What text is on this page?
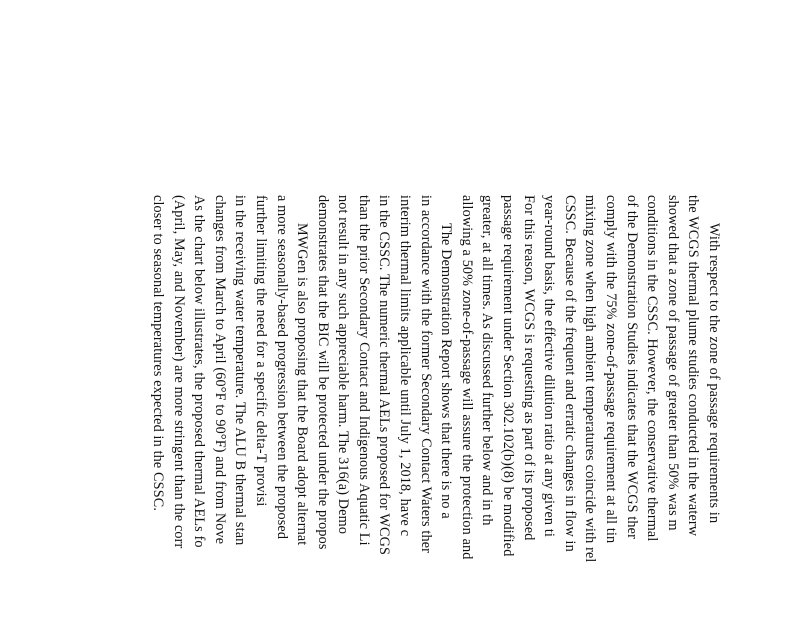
With respect to the zone of passage requirements in
the WCGS thermal plume studies conducted in the waterw
showed that a zone of passage of greater than 50% was m
conditions in the CSSC. However, the conservative thermal
of the Demonstration Studies indicates that the WCGS ther
comply with the 75% zone-of-passage requirement at all tin
mixing zone when high ambient temperatures coincide with rel
CSSC. Because of the frequent and erratic changes in flow in
year-round basis, the effective dilution ratio at any given ti
For this reason, WCGS is requesting as part of its proposed
passage requirement under Section 302.102(b)(8) be modified
greater, at all times. As discussed further below and in th
allowing a 50% zone-of-passage will assure the protection and
The Demonstration Report shows that there is no a
in accordance with the former Secondary Contact Waters ther
interim thermal limits applicable until July 1, 2018, have c
in the CSSC. The numeric thermal AELs proposed for WCGS
than the prior Secondary Contact and Indigenous Aquatic Li
not result in any such appreciable harm. The 316(a) Demo
demonstrates that the BIC will be protected under the propos
MWGen is also proposing that the Board adopt alternat
a more seasonally-based progression between the proposed
further limiting the need for a specific delta-T provisi
in the receiving water temperature. The ALU B thermal stan
changes from March to April (60°F to 90°F) and from Nove
As the chart below illustrates, the proposed thermal AELs fo
(April, May, and November) are more stringent than the corr
closer to seasonal temperatures expected in the CSSC.
